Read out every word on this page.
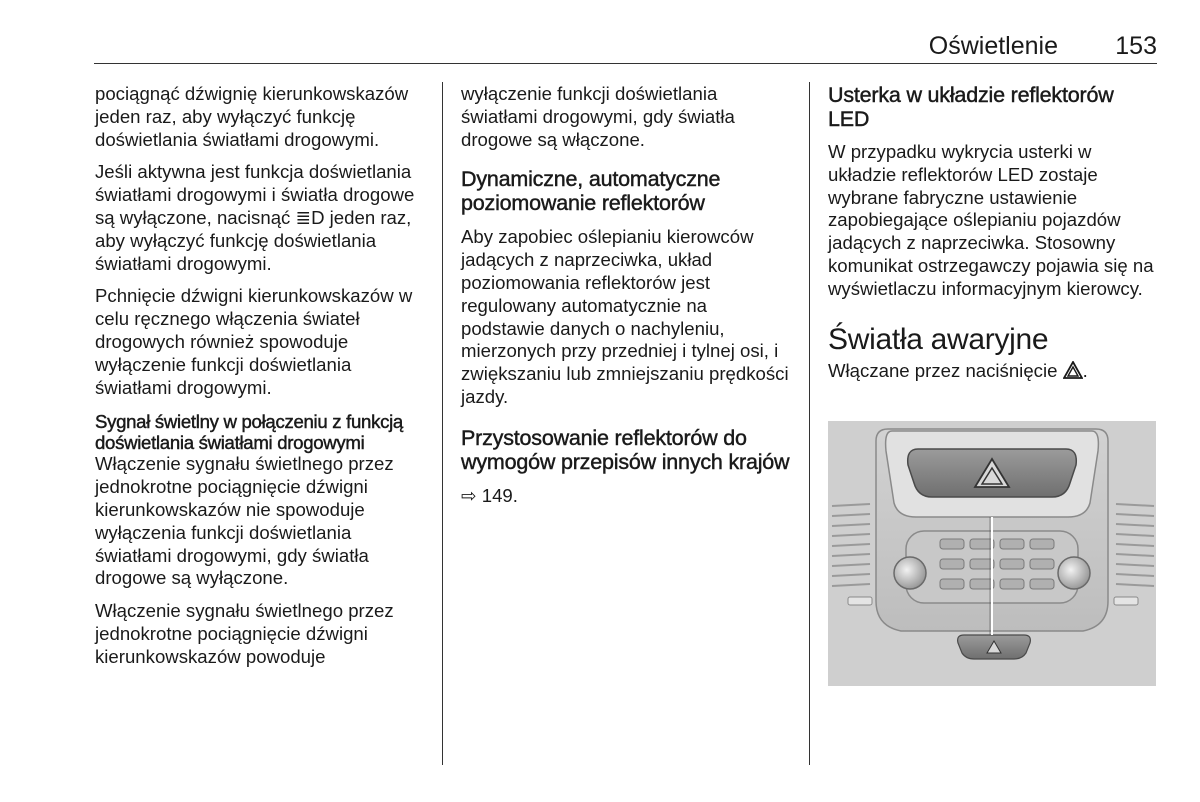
Oświetlenie 153

pociągnąć dźwignię kierunkowskazów jeden raz, aby wyłączyć funkcję doświetlania światłami drogowymi.

Jeśli aktywna jest funkcja doświetlania światłami drogowymi i światła drogowe są wyłączone, nacisnąć ≣D jeden raz, aby wyłączyć funkcję doświetlania światłami drogowymi.

Pchnięcie dźwigni kierunkowskazów w celu ręcznego włączenia świateł drogowych również spowoduje wyłączenie funkcji doświetlania światłami drogowymi.

Sygnał świetlny w połączeniu z funkcją doświetlania światłami drogowymi

Włączenie sygnału świetlnego przez jednokrotne pociągnięcie dźwigni kierunkowskazów nie spowoduje wyłączenia funkcji doświetlania światłami drogowymi, gdy światła drogowe są wyłączone.

Włączenie sygnału świetlnego przez jednokrotne pociągnięcie dźwigni kierunkowskazów powoduje

wyłączenie funkcji doświetlania światłami drogowymi, gdy światła drogowe są włączone.

Dynamiczne, automatyczne poziomowanie reflektorów

Aby zapobiec oślepianiu kierowców jadących z naprzeciwka, układ poziomowania reflektorów jest regulowany automatycznie na podstawie danych o nachyleniu, mierzonych przy przedniej i tylnej osi, i zwiększaniu lub zmniejszaniu prędkości jazdy.

Przystosowanie reflektorów do wymogów przepisów innych krajów

⇨ 149.

Usterka w układzie reflektorów LED

W przypadku wykrycia usterki w układzie reflektorów LED zostaje wybrane fabryczne ustawienie zapobiegające oślepianiu pojazdów jadących z naprzeciwka. Stosowny komunikat ostrzegawczy pojawia się na wyświetlaczu informacyjnym kierowcy.

Światła awaryjne

Włączane przez naciśnięcie .
